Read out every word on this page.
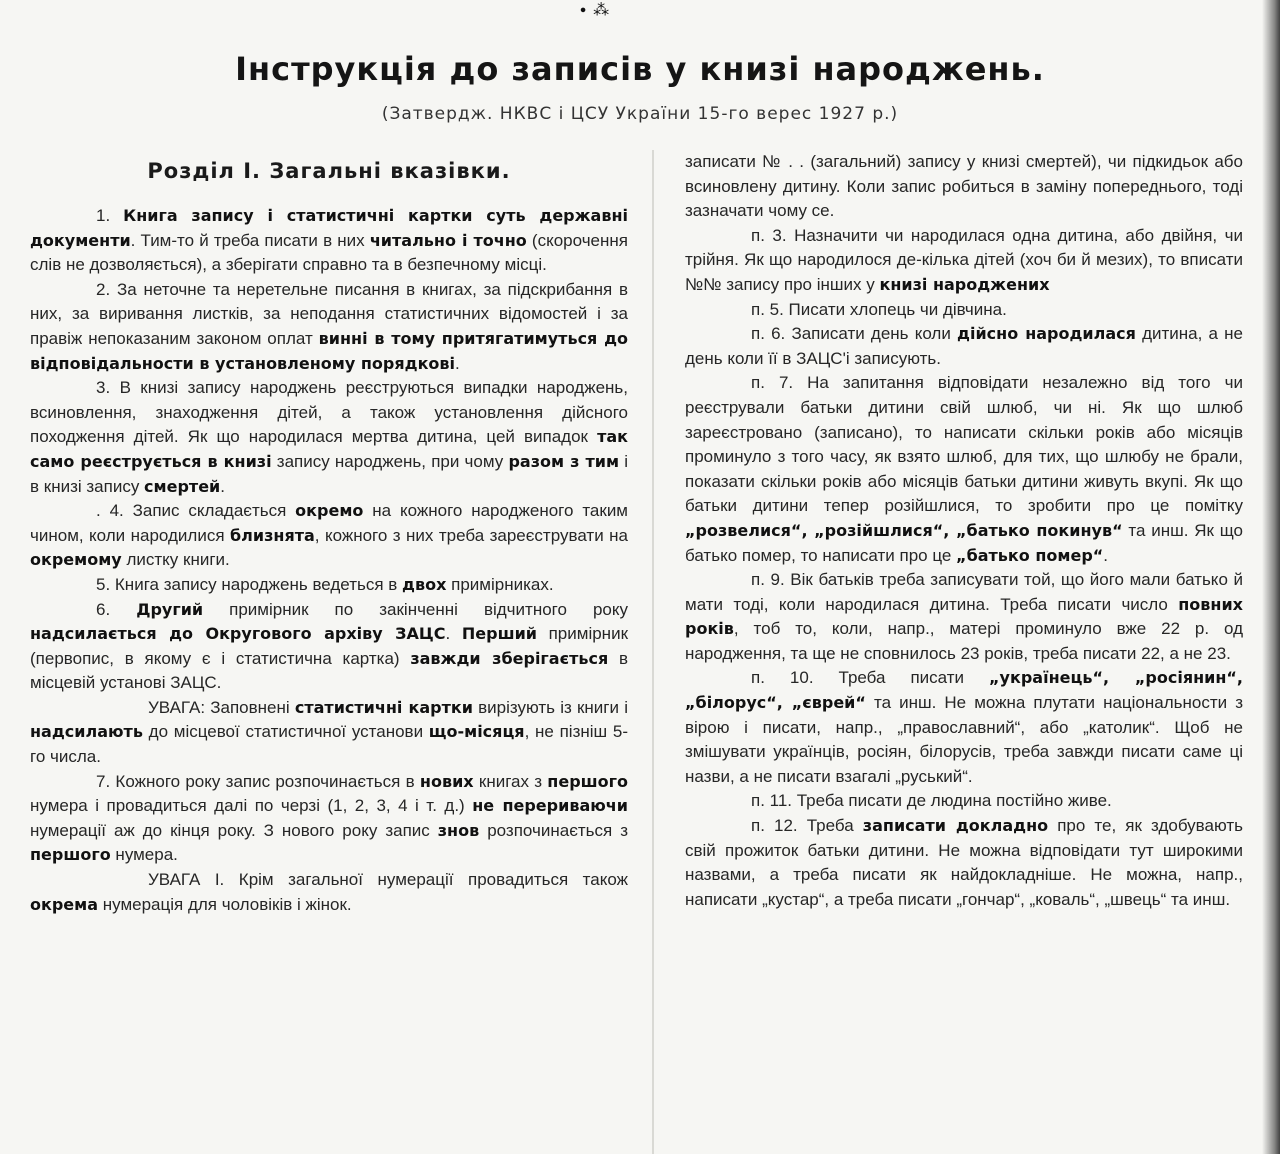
∙ ⁂
Інструкція до записів у книзі народжень.
(Затвердж. НКВС і ЦСУ України 15-го верес 1927 р.)
Розділ І. Загальні вказівки.

1. Книга запису і статистичні картки суть державні документи. Тим-то й треба писати в них читально і точно (скорочення слів не дозволяється), а зберігати справно та в безпечному місці.

2. За неточне та неретельне писання в книгах, за підскрибання в них, за виривання листків, за неподання статистичних відомостей і за правіж непоказаним законом оплат винні в тому притягатимуться до відповідальности в установленому порядкові.

3. В книзі запису народжень реєструються випадки народжень, всиновлення, знаходження дітей, а також установлення дійсного походження дітей. Як що народилася мертва дитина, цей випадок так само реєструється в книзі запису народжень, при чому разом з тим і в книзі запису смертей.

. 4. Запис складається окремо на кожного народженого таким чином, коли народилися близнята, кожного з них треба зареєструвати на окремому листку книги.

5. Книга запису народжень ведеться в двох примірниках.

6. Другий примірник по закінченні відчитного року надсилається до Округового архіву ЗАЦС. Перший примірник (первопис, в якому є і статистична картка) завжди зберігається в місцевій установі ЗАЦС.

УВАГА: Заповнені статистичні картки вирізують із книги і надсилають до місцевої статистичної установи що-місяця, не пізніш 5-го числа.

7. Кожного року запис розпочинається в нових книгах з першого нумера і провадиться далі по черзі (1, 2, 3, 4 і т. д.) не перериваючи нумерації аж до кінця року. З нового року запис знов розпочинається з першого нумера.

УВАГА І. Крім загальної нумерації провадиться також окрема нумерація для чоловіків і жінок.

записати № . . (загальний) запису у книзі смертей), чи підкидьок або всиновлену дитину. Коли запис робиться в заміну попереднього, тоді зазначати чому се.

п. 3. Назначити чи народилася одна дитина, або двійня, чи трійня. Як що народилося де-кілька дітей (хоч би й мезих), то вписати №№ запису про інших у книзі народжених

п. 5. Писати хлопець чи дівчина.

п. 6. Записати день коли дійсно народилася дитина, а не день коли її в ЗАЦС'і записують.

п. 7. На запитання відповідати незалежно від того чи реєстрували батьки дитини свій шлюб, чи ні. Як що шлюб зареєстровано (записано), то написати скільки років або місяців проминуло з того часу, як взято шлюб, для тих, що шлюбу не брали, показати скільки років або місяців батьки дитини живуть вкупі. Як що батьки дитини тепер розійшлися, то зробити про це помітку „розвелися“, „розійшлися“, „батько покинув“ та инш. Як що батько помер, то написати про це „батько помер“.

п. 9. Вік батьків треба записувати той, що його мали батько й мати тоді, коли народилася дитина. Треба писати число повних років, тоб то, коли, напр., матері проминуло вже 22 р. од народження, та ще не сповнилось 23 років, треба писати 22, а не 23.

п. 10. Треба писати „українець“, „росіянин“, „білорус“, „єврей“ та инш. Не можна плутати національности з вірою і писати, напр., „православний“, або „католик“. Щоб не змішувати українців, росіян, білорусів, треба завжди писати саме ці назви, а не писати взагалі „руський“.

п. 11. Треба писати де людина постійно живе.

п. 12. Треба записати докладно про те, як здобувають свій прожиток батьки дитини. Не можна відповідати тут широкими назвами, а треба писати як найдокладніше. Не можна, напр., написати „кустар“, а треба писати „гончар“, „коваль“, „швець“ та инш.
